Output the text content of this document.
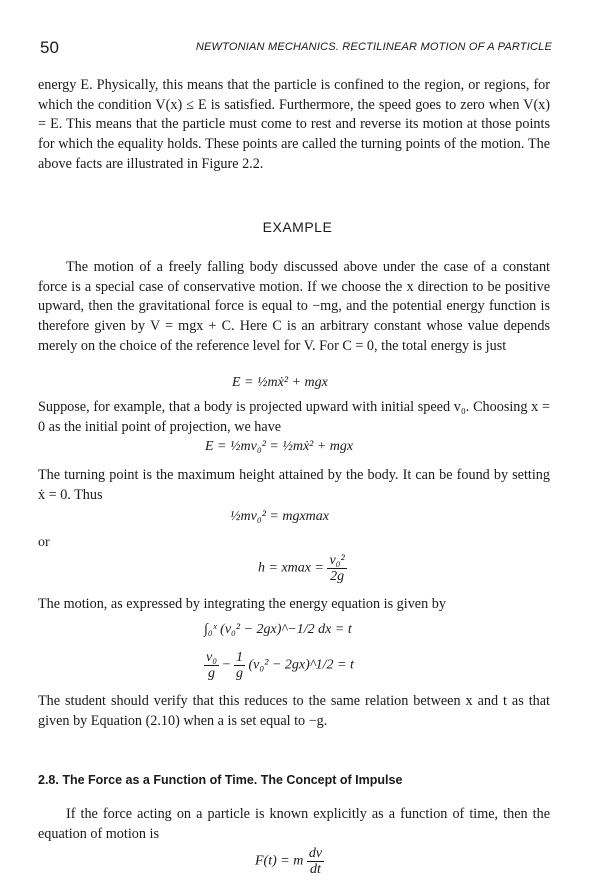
50	NEWTONIAN MECHANICS. RECTILINEAR MOTION OF A PARTICLE

energy E. Physically, this means that the particle is confined to the region, or regions, for which the condition V(x) ≤ E is satisfied. Furthermore, the speed goes to zero when V(x) = E. This means that the particle must come to rest and reverse its motion at those points for which the equality holds. These points are called the turning points of the motion. The above facts are illustrated in Figure 2.2.

EXAMPLE

The motion of a freely falling body discussed above under the case of a constant force is a special case of conservative motion. If we choose the x direction to be positive upward, then the gravitational force is equal to −mg, and the potential energy function is therefore given by V = mgx + C. Here C is an arbitrary constant whose value depends merely on the choice of the reference level for V. For C = 0, the total energy is just

E = ½mẋ² + mgx

Suppose, for example, that a body is projected upward with initial speed v₀. Choosing x = 0 as the initial point of projection, we have

E = ½mv₀² = ½mẋ² + mgx

The turning point is the maximum height attained by the body. It can be found by setting ẋ = 0. Thus

½mv₀² = mgxmax
or
$h = xmax = \frac{\text{v₀²}}{2g}$

The motion, as expressed by integrating the energy equation is given by

∫₀ˣ (v₀² − 2gx)^−1/2 dx = t
$\frac{\text{v₀}}{g} - \frac{1}{g} (v_0^2$ − 2gx)^1/2 = t

The student should verify that this reduces to the same relation between x and t as that given by Equation (2.10) when a is set equal to −g.

2.8. The Force as a Function of Time. The Concept of Impulse

If the force acting on a particle is known explicitly as a function of time, then the equation of motion is

F(t) = m $\frac{dv}{dt}$
